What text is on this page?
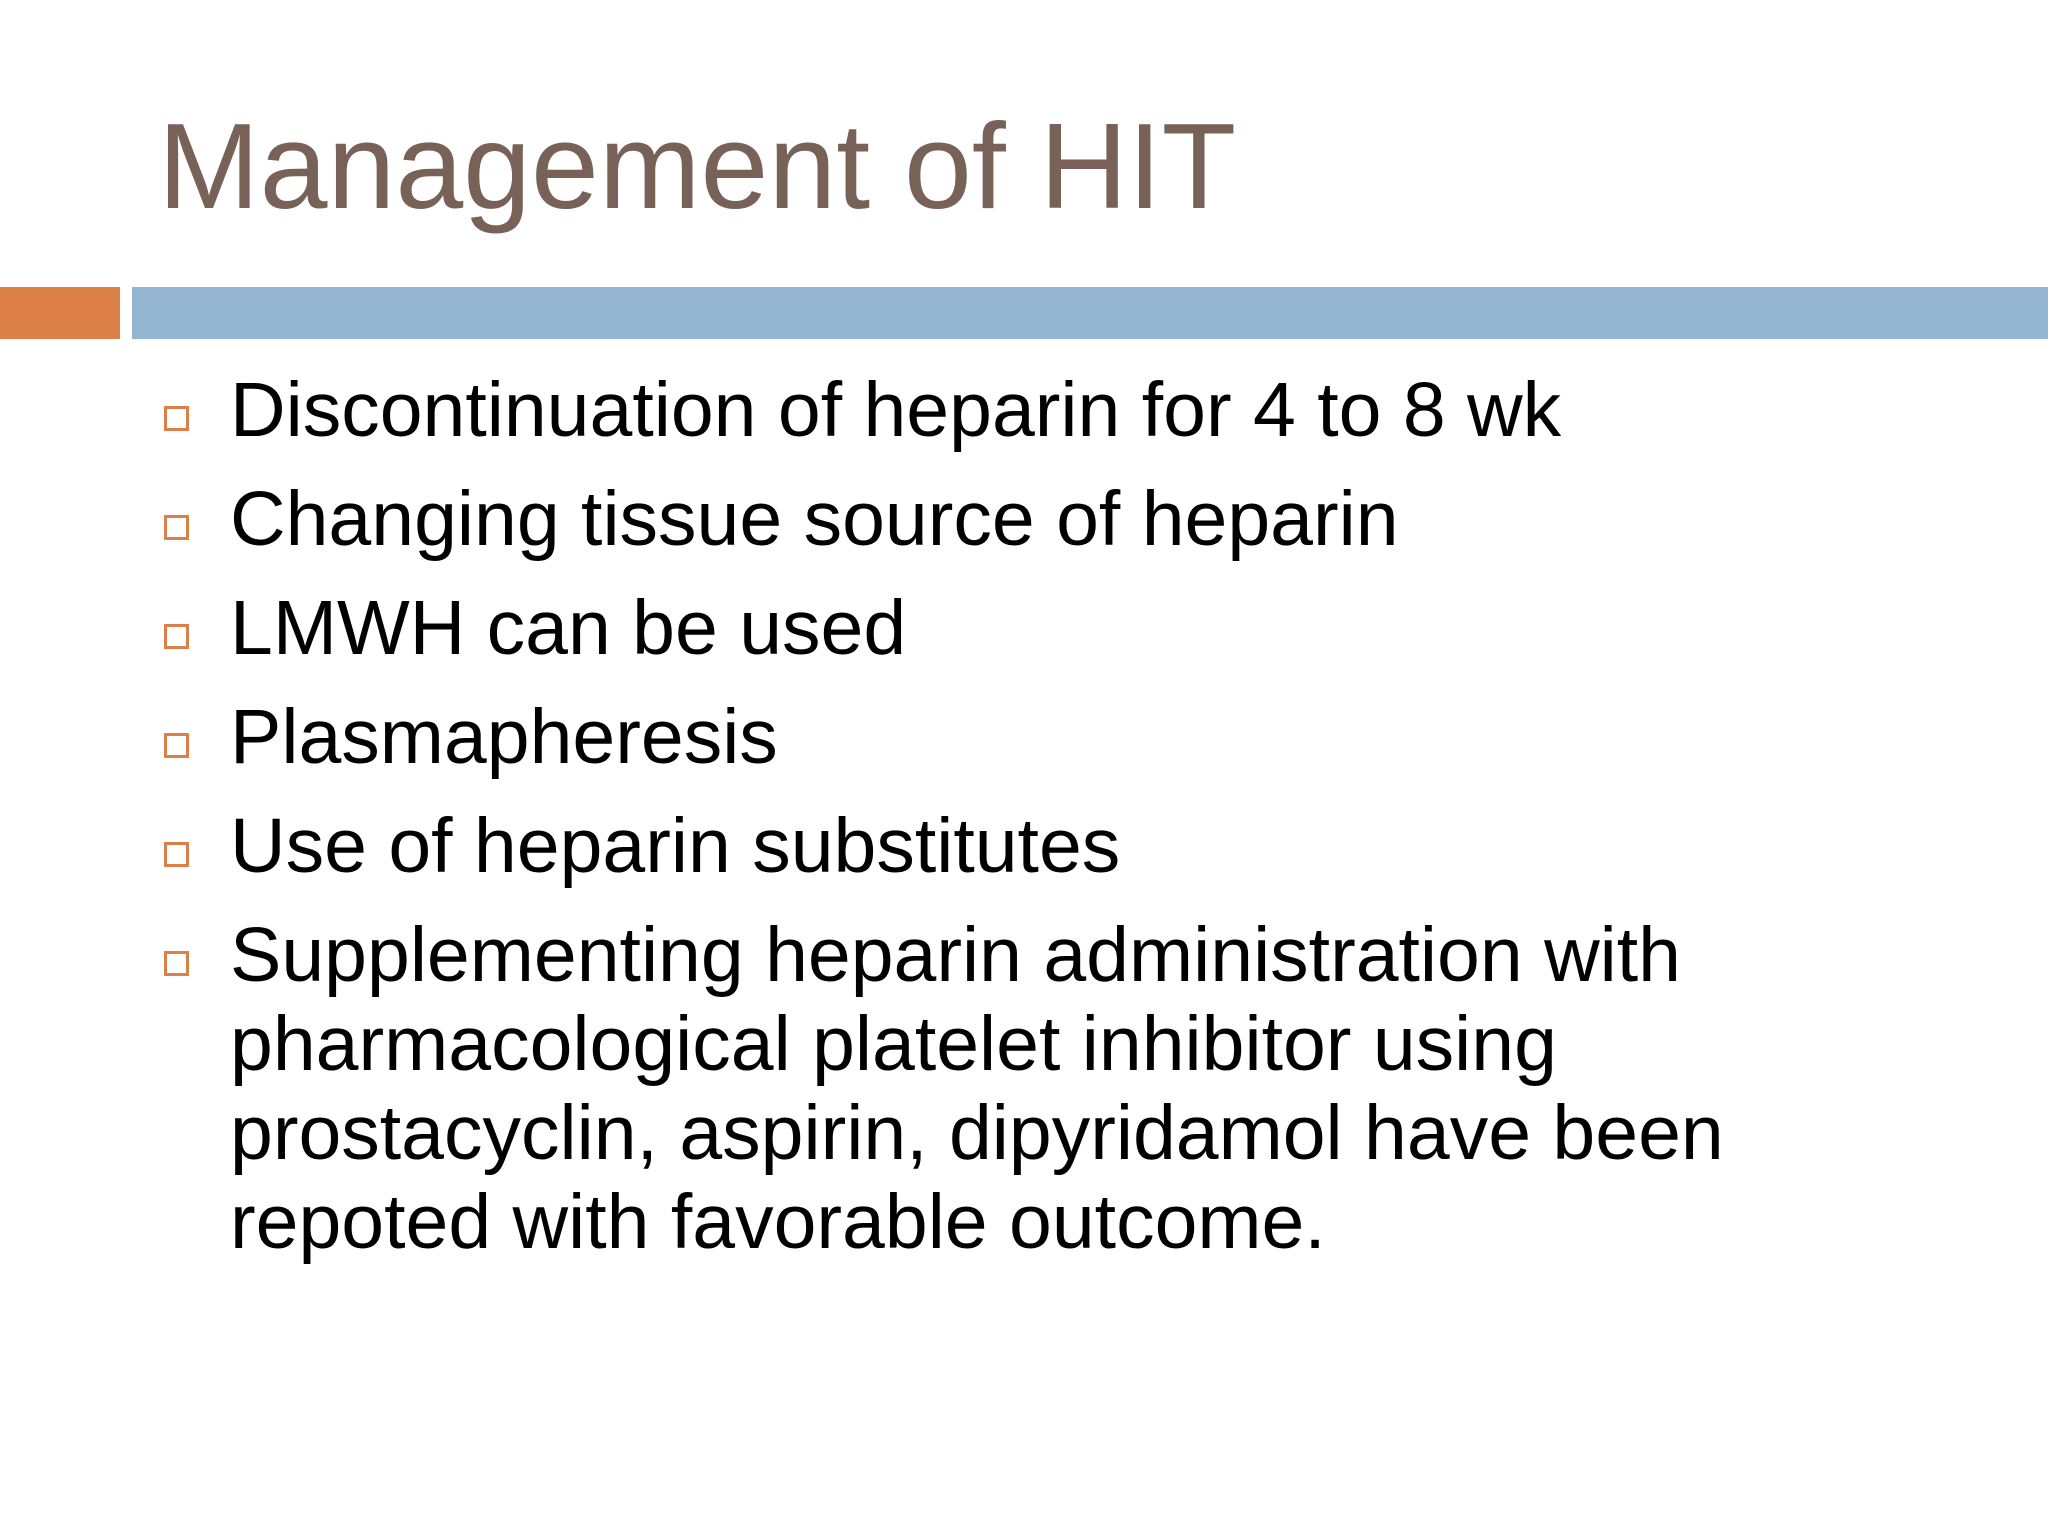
Management of HIT
Discontinuation of heparin for 4 to 8 wk
Changing tissue source of heparin
LMWH can be used
Plasmapheresis
Use of heparin substitutes
Supplementing heparin administration with pharmacological platelet inhibitor using prostacyclin, aspirin, dipyridamol have been repoted with favorable outcome.
